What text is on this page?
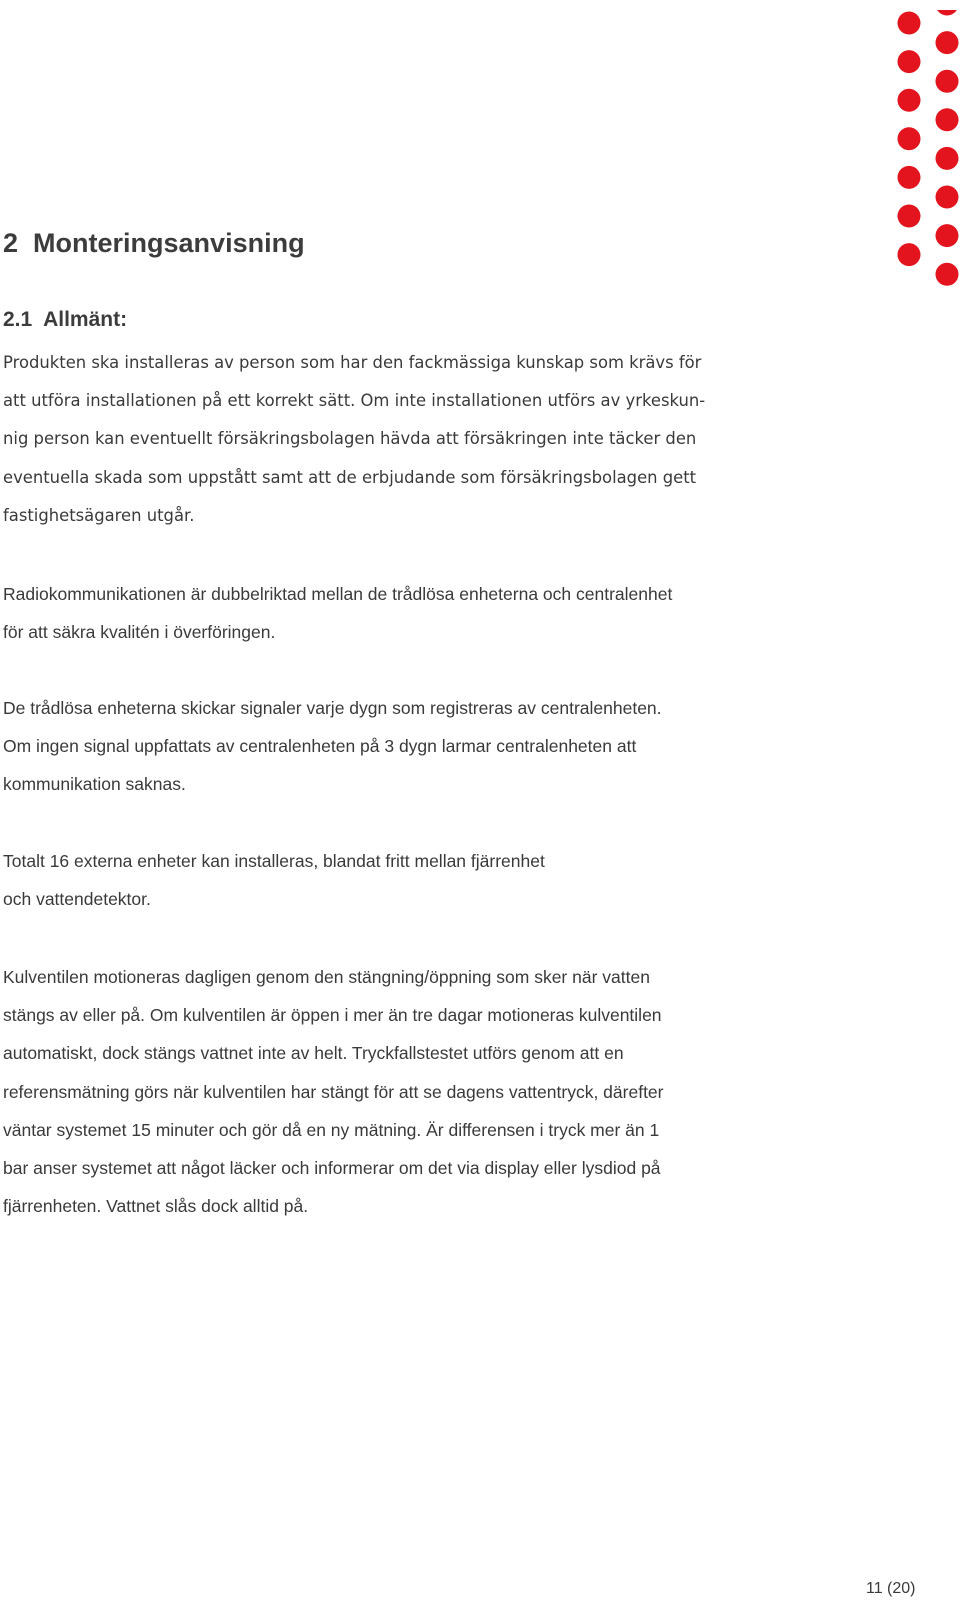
2 Monteringsanvisning
2.1 Allmänt:
Produkten ska installeras av person som har den fackmässiga kunskap som krävs för
att utföra installationen på ett korrekt sätt. Om inte installationen utförs av yrkeskun-
nig person kan eventuellt försäkringsbolagen hävda att försäkringen inte täcker den
eventuella skada som uppstått samt att de erbjudande som försäkringsbolagen gett
fastighetsägaren utgår.
Radiokommunikationen är dubbelriktad mellan de trådlösa enheterna och centralenhet
för att säkra kvalitén i överföringen.
De trådlösa enheterna skickar signaler varje dygn som registreras av centralenheten.
Om ingen signal uppfattats av centralenheten på 3 dygn larmar centralenheten att
kommunikation saknas.
Totalt 16 externa enheter kan installeras, blandat fritt mellan fjärrenhet
och vattendetektor.
Kulventilen motioneras dagligen genom den stängning/öppning som sker när vatten
stängs av eller på. Om kulventilen är öppen i mer än tre dagar motioneras kulventilen
automatiskt, dock stängs vattnet inte av helt. Tryckfallstestet utförs genom att en
referensmätning görs när kulventilen har stängt för att se dagens vattentryck, därefter
väntar systemet 15 minuter och gör då en ny mätning. Är differensen i tryck mer än 1
bar anser systemet att något läcker och informerar om det via display eller lysdiod på
fjärrenheten. Vattnet slås dock alltid på.
11 (20)
